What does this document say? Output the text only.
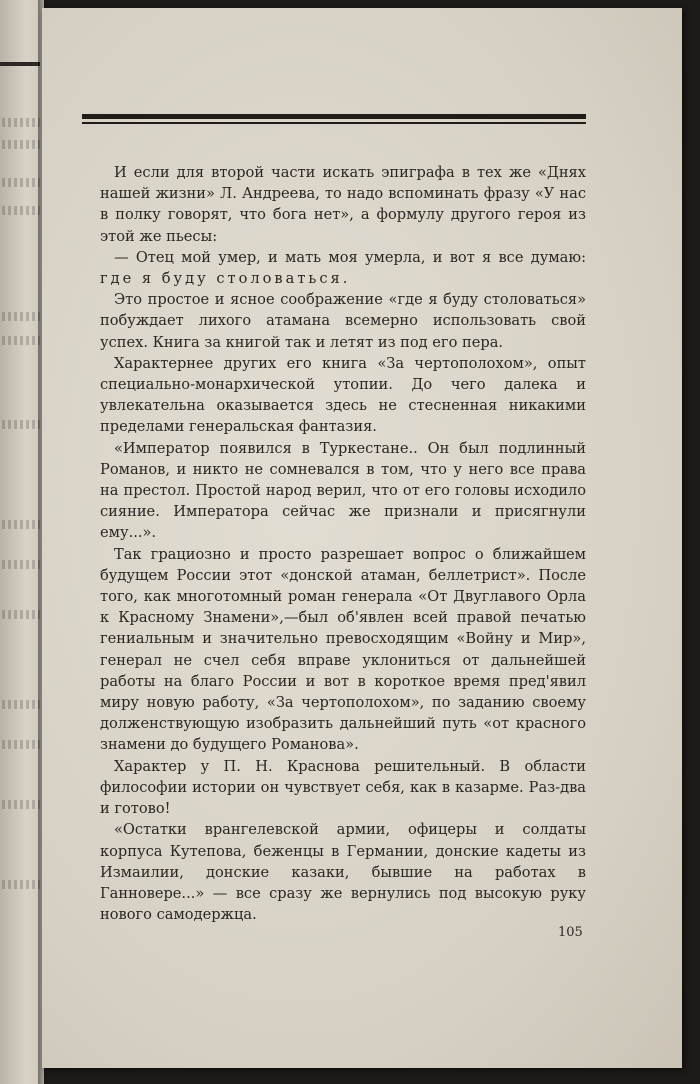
И если для второй части искать эпиграфа в тех же «Днях нашей жизни» Л. Андреева, то надо вспоминать фразу «У нас в полку говорят, что бога нет», а формулу другого героя из этой же пьесы:

— Отец мой умер, и мать моя умерла, и вот я все думаю: где я буду столоваться.

Это простое и ясное соображение «где я буду столоваться» побуждает лихого атамана всемерно использовать свой успех. Книга за книгой так и летят из под его пера.

Характернее других его книга «За чертополохом», опыт специально-монархической утопии. До чего далека и увлекательна оказывается здесь не стесненная никакими пределами генеральская фантазия.

«Император появился в Туркестане.. Он был подлинный Романов, и никто не сомневался в том, что у него все права на престол. Простой народ верил, что от его головы исходило сияние. Императора сейчас же признали и присягнули ему...».

Так грациозно и просто разрешает вопрос о ближайшем будущем России этот «донской атаман, беллетрист». После того, как многотомный роман генерала «От Двуглавого Орла к Красному Знамени»,—был об'явлен всей правой печатью гениальным и значительно превосходящим «Войну и Мир», генерал не счел себя вправе уклониться от дальнейшей работы на благо России и вот в короткое время пред'явил миру новую работу, «За чертополохом», по заданию своему долженствующую изобразить дальнейший путь «от красного знамени до будущего Романова».

Характер у П. Н. Краснова решительный. В области философии истории он чувствует себя, как в казарме. Раз-два и готово!

«Остатки врангелевской армии, офицеры и солдаты корпуса Кутепова, беженцы в Германии, донские кадеты из Измаилии, донские казаки, бывшие на работах в Ганновере...» — все сразу же вернулись под высокую руку нового самодержца.

105
